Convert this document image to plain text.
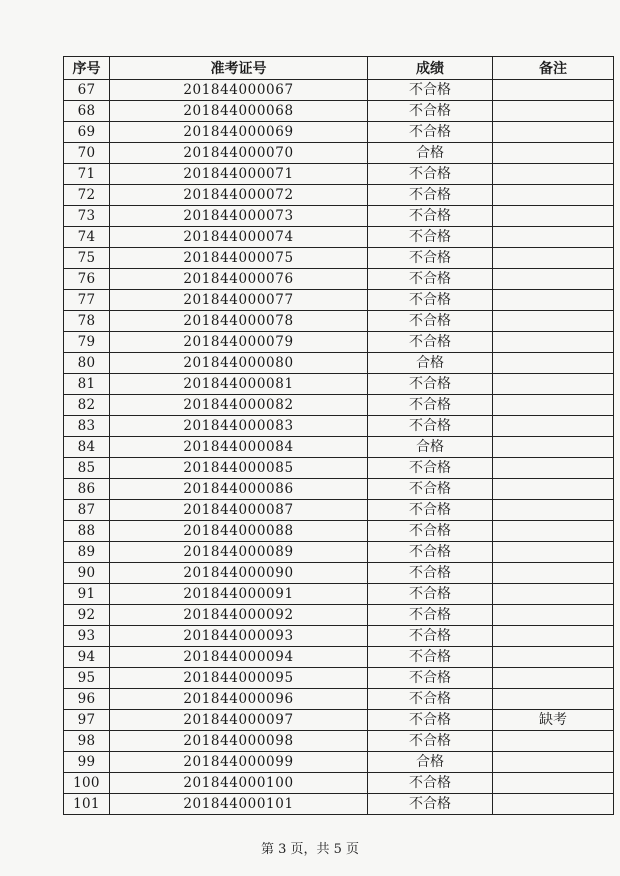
序号	准考证号	成绩	备注
67	201844000067	不合格	
68	201844000068	不合格	
69	201844000069	不合格	
70	201844000070	合格	
71	201844000071	不合格	
72	201844000072	不合格	
73	201844000073	不合格	
74	201844000074	不合格	
75	201844000075	不合格	
76	201844000076	不合格	
77	201844000077	不合格	
78	201844000078	不合格	
79	201844000079	不合格	
80	201844000080	合格	
81	201844000081	不合格	
82	201844000082	不合格	
83	201844000083	不合格	
84	201844000084	合格	
85	201844000085	不合格	
86	201844000086	不合格	
87	201844000087	不合格	
88	201844000088	不合格	
89	201844000089	不合格	
90	201844000090	不合格	
91	201844000091	不合格	
92	201844000092	不合格	
93	201844000093	不合格	
94	201844000094	不合格	
95	201844000095	不合格	
96	201844000096	不合格	
97	201844000097	不合格	缺考
98	201844000098	不合格	
99	201844000099	合格	
100	201844000100	不合格	
101	201844000101	不合格	
第 3 页，共 5 页
